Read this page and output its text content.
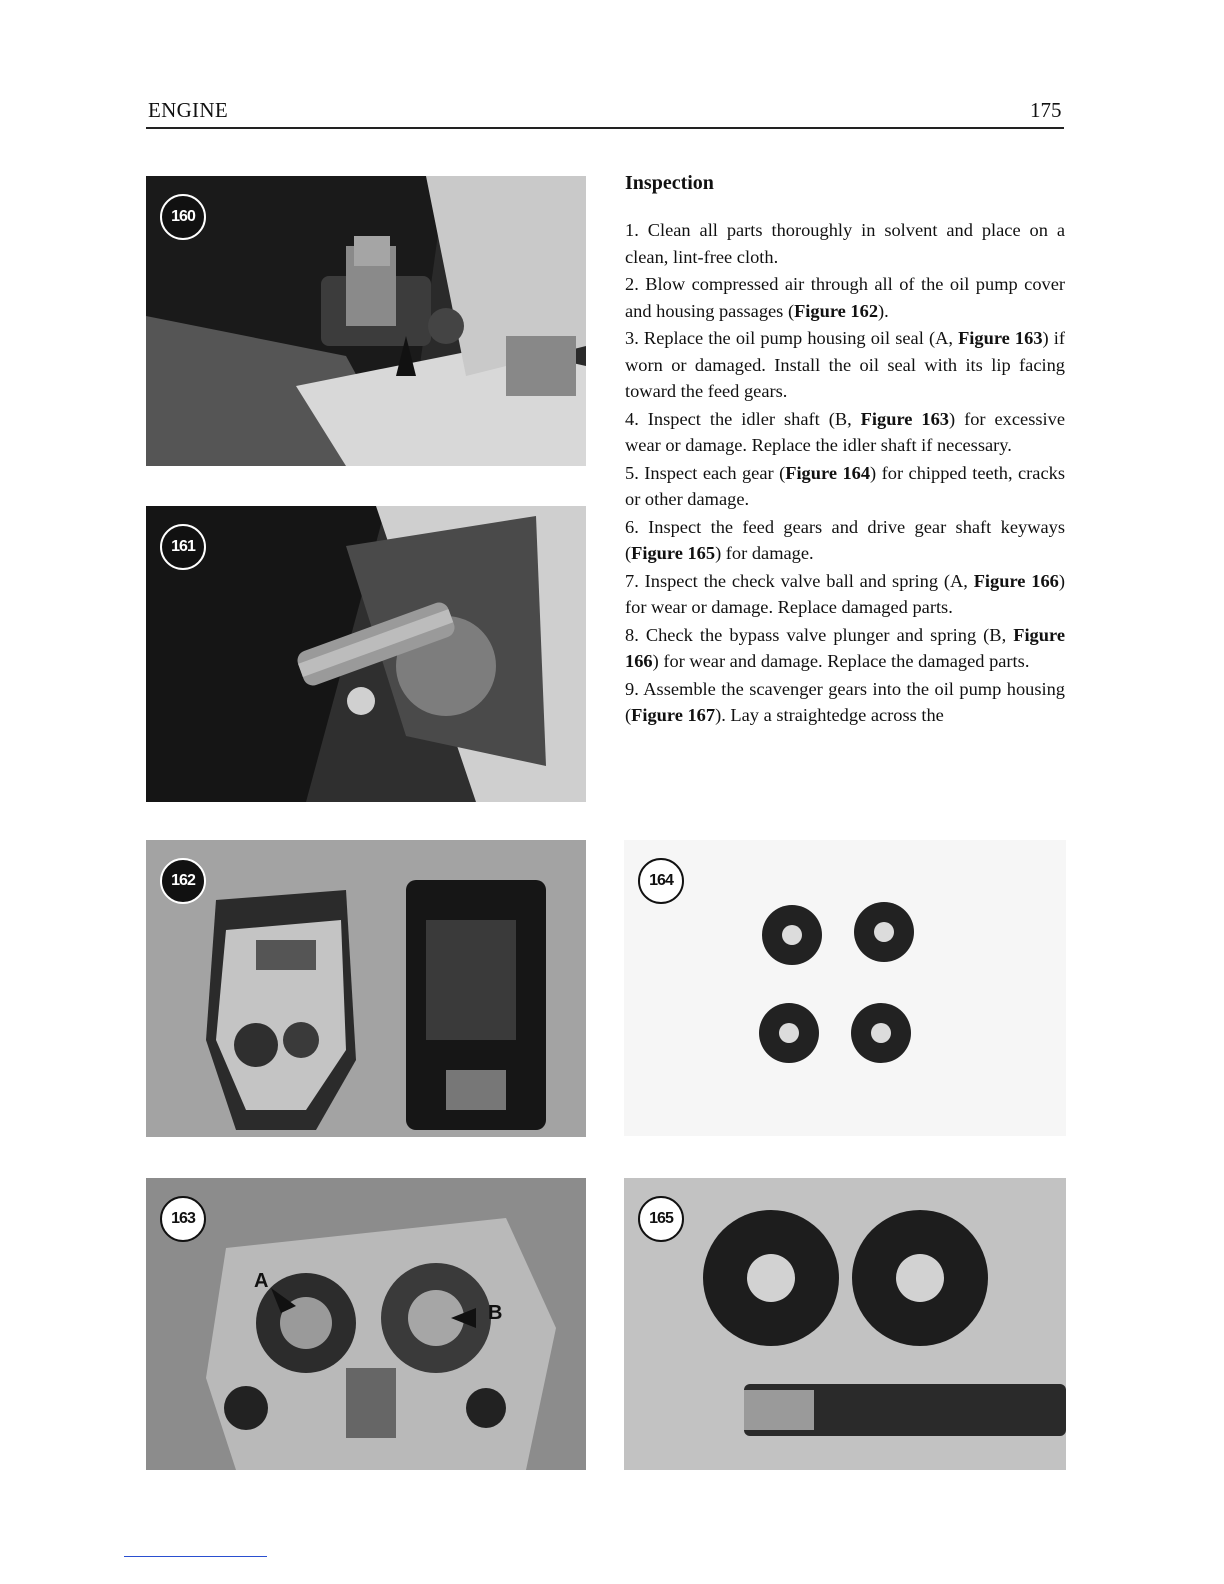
ENGINE	175
160
161
162
163
A
B
164
165
Inspection

1. Clean all parts thoroughly in solvent and place on a clean, lint-free cloth.

2. Blow compressed air through all of the oil pump cover and housing passages (Figure 162).

3. Replace the oil pump housing oil seal (A, Figure 163) if worn or damaged. Install the oil seal with its lip facing toward the feed gears.

4. Inspect the idler shaft (B, Figure 163) for excessive wear or damage. Replace the idler shaft if necessary.

5. Inspect each gear (Figure 164) for chipped teeth, cracks or other damage.

6. Inspect the feed gears and drive gear shaft keyways (Figure 165) for damage.

7. Inspect the check valve ball and spring (A, Figure 166) for wear or damage. Replace damaged parts.

8. Check the bypass valve plunger and spring (B, Figure 166) for wear and damage. Replace the damaged parts.

9. Assemble the scavenger gears into the oil pump housing (Figure 167). Lay a straightedge across the
